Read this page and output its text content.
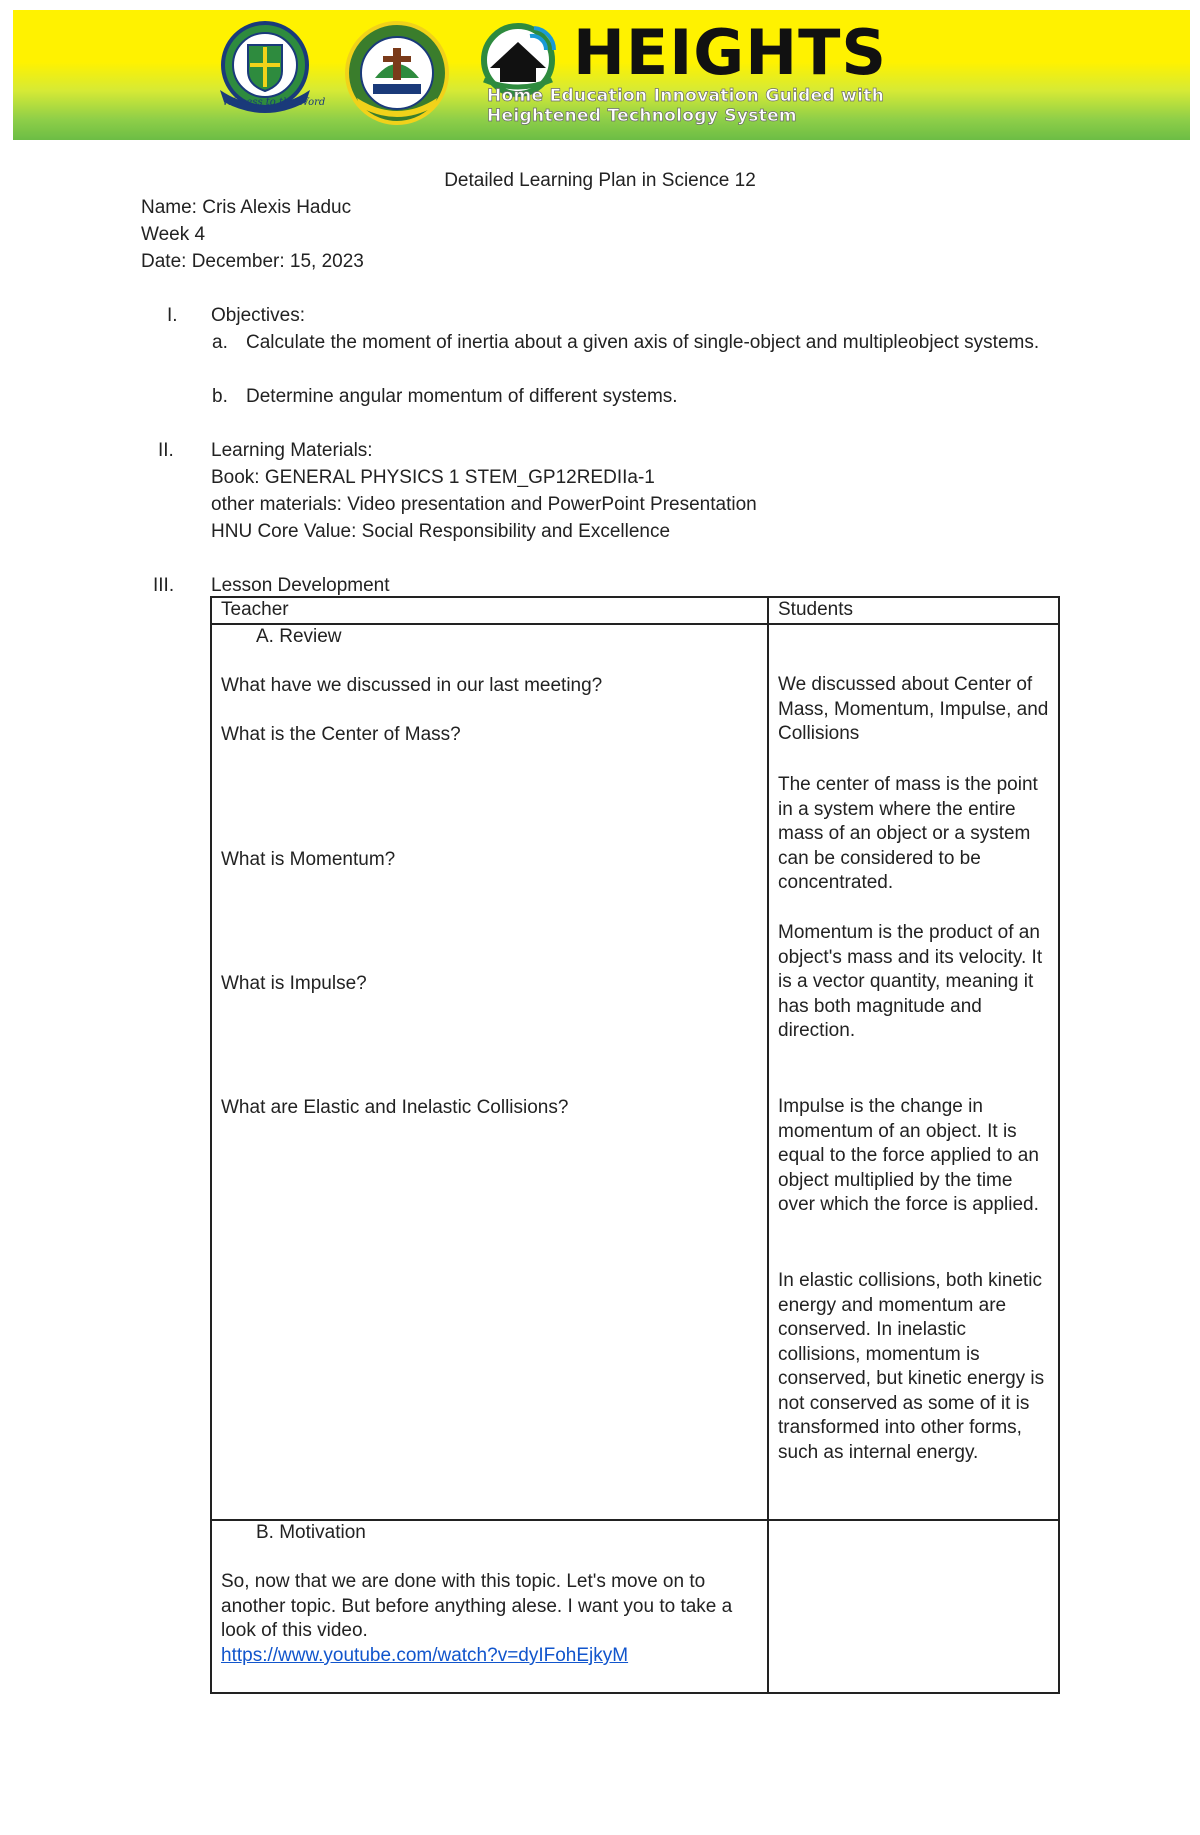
Witness to the Word
HEIGHTS
Home Education Innovation Guided with
Heightened Technology System
Detailed Learning Plan in Science 12
Name: Cris Alexis Haduc
Week 4
Date: December: 15, 2023
I. Objectives:
a. Calculate the moment of inertia about a given axis of single-object and multipleobject systems.
b. Determine angular momentum of different systems.
II. Learning Materials:
Book: GENERAL PHYSICS 1 STEM_GP12REDIIa-1
other materials: Video presentation and PowerPoint Presentation
HNU Core Value: Social Responsibility and Excellence
III. Lesson Development
Teacher	Students
A. Review
What have we discussed in our last meeting?
What is the Center of Mass?
What is Momentum?
What is Impulse?
What are Elastic and Inelastic Collisions?
We discussed about Center of Mass, Momentum, Impulse, and Collisions
The center of mass is the point in a system where the entire mass of an object or a system can be considered to be concentrated.
Momentum is the product of an object's mass and its velocity. It is a vector quantity, meaning it has both magnitude and direction.
Impulse is the change in momentum of an object. It is equal to the force applied to an object multiplied by the time over which the force is applied.
In elastic collisions, both kinetic energy and momentum are conserved. In inelastic collisions, momentum is conserved, but kinetic energy is not conserved as some of it is transformed into other forms, such as internal energy.
B. Motivation
So, now that we are done with this topic. Let's move on to another topic. But before anything alese. I want you to take a look of this video.
https://www.youtube.com/watch?v=dyIFohEjkyM
